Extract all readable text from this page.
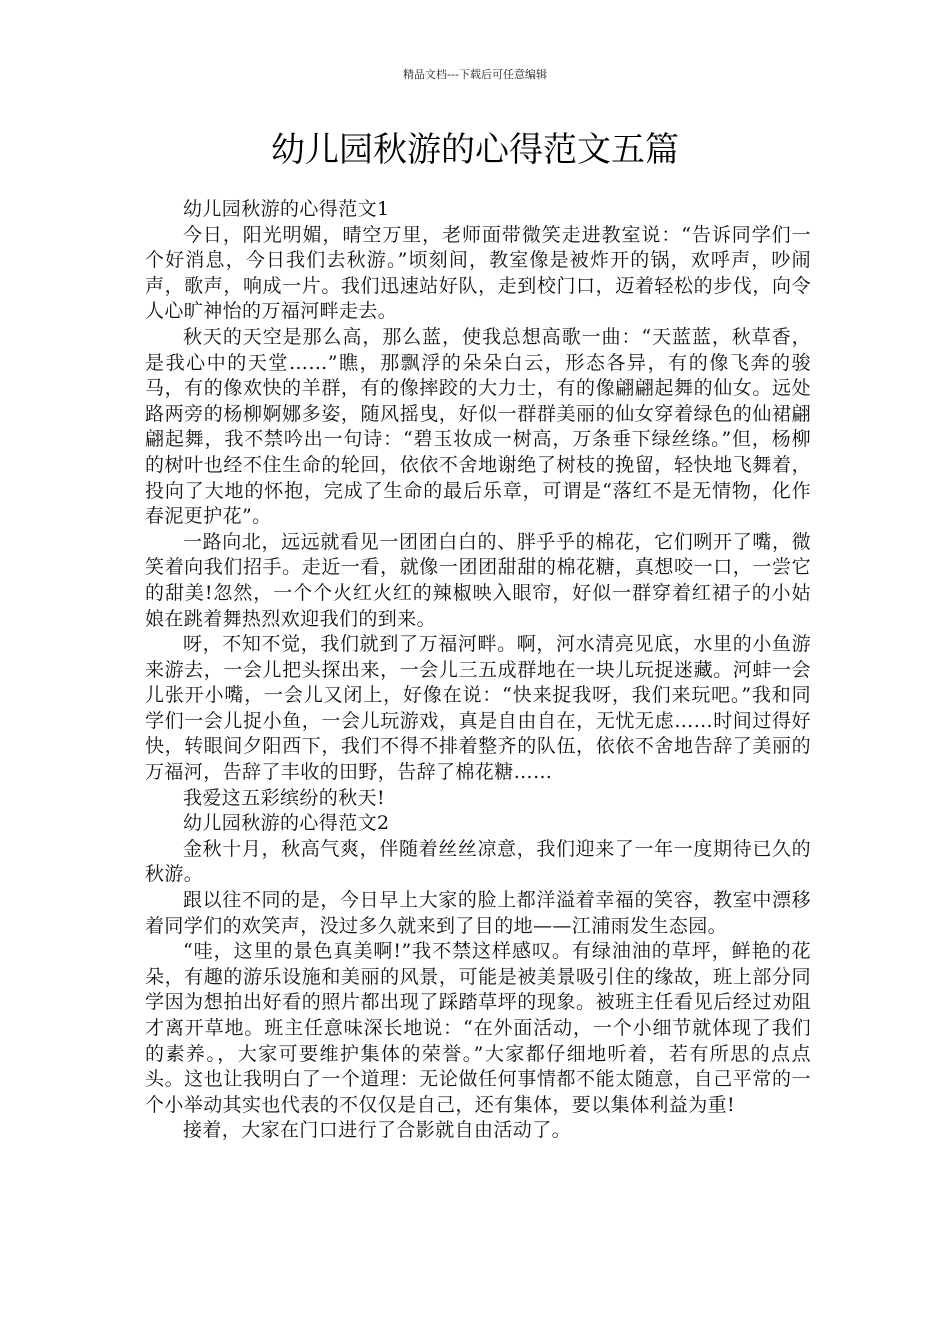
精品文档---下载后可任意编辑
幼儿园秋游的心得范文五篇

幼儿园秋游的心得范文1

今日，阳光明媚，晴空万里，老师面带微笑走进教室说：“告诉同学们一个好消息，今日我们去秋游。”顷刻间，教室像是被炸开的锅，欢呼声，吵闹声，歌声，响成一片。我们迅速站好队，走到校门口，迈着轻松的步伐，向令人心旷神怡的万福河畔走去。

秋天的天空是那么高，那么蓝，使我总想高歌一曲：“天蓝蓝，秋草香，是我心中的天堂……”瞧，那飘浮的朵朵白云，形态各异，有的像飞奔的骏马，有的像欢快的羊群，有的像摔跤的大力士，有的像翩翩起舞的仙女。远处路两旁的杨柳婀娜多姿，随风摇曳，好似一群群美丽的仙女穿着绿色的仙裙翩翩起舞，我不禁吟出一句诗：“碧玉妆成一树高，万条垂下绿丝绦。”但，杨柳的树叶也经不住生命的轮回，依依不舍地谢绝了树枝的挽留，轻快地飞舞着，投向了大地的怀抱，完成了生命的最后乐章，可谓是“落红不是无情物，化作春泥更护花”。

一路向北，远远就看见一团团白白的、胖乎乎的棉花，它们咧开了嘴，微笑着向我们招手。走近一看，就像一团团甜甜的棉花糖，真想咬一口，一尝它的甜美!忽然，一个个火红火红的辣椒映入眼帘，好似一群穿着红裙子的小姑娘在跳着舞热烈欢迎我们的到来。

呀，不知不觉，我们就到了万福河畔。啊，河水清亮见底，水里的小鱼游来游去，一会儿把头探出来，一会儿三五成群地在一块儿玩捉迷藏。河蚌一会儿张开小嘴，一会儿又闭上，好像在说：“快来捉我呀，我们来玩吧。”我和同学们一会儿捉小鱼，一会儿玩游戏，真是自由自在，无忧无虑……时间过得好快，转眼间夕阳西下，我们不得不排着整齐的队伍，依依不舍地告辞了美丽的万福河，告辞了丰收的田野，告辞了棉花糖……

我爱这五彩缤纷的秋天!

幼儿园秋游的心得范文2

金秋十月，秋高气爽，伴随着丝丝凉意，我们迎来了一年一度期待已久的秋游。

跟以往不同的是，今日早上大家的脸上都洋溢着幸福的笑容，教室中漂移着同学们的欢笑声，没过多久就来到了目的地——江浦雨发生态园。

“哇，这里的景色真美啊!”我不禁这样感叹。有绿油油的草坪，鲜艳的花朵，有趣的游乐设施和美丽的风景，可能是被美景吸引住的缘故，班上部分同学因为想拍出好看的照片都出现了踩踏草坪的现象。被班主任看见后经过劝阻才离开草地。班主任意味深长地说：“在外面活动，一个小细节就体现了我们的素养。，大家可要维护集体的荣誉。”大家都仔细地听着，若有所思的点点头。这也让我明白了一个道理：无论做任何事情都不能太随意，自己平常的一个小举动其实也代表的不仅仅是自己，还有集体，要以集体利益为重!

接着，大家在门口进行了合影就自由活动了。
